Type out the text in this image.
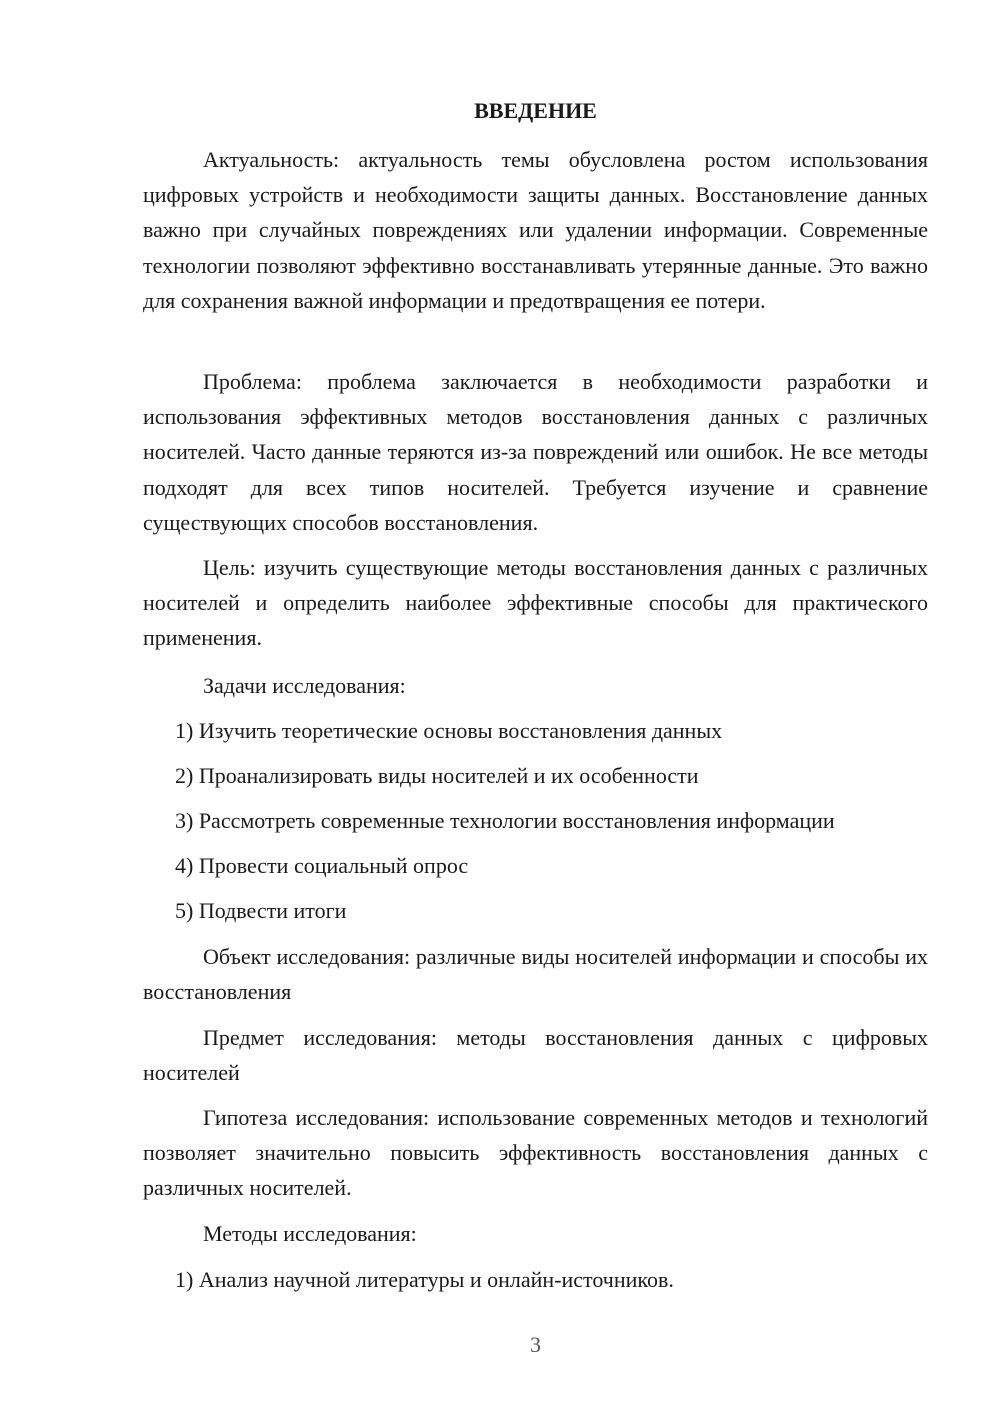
ВВЕДЕНИЕ

Актуальность: актуальность темы обусловлена ростом использования цифровых устройств и необходимости защиты данных. Восстановление данных важно при случайных повреждениях или удалении информации. Современные технологии позволяют эффективно восстанавливать утерянные данные. Это важно для сохранения важной информации и предотвращения ее потери.

Проблема: проблема заключается в необходимости разработки и использования эффективных методов восстановления данных с различных носителей. Часто данные теряются из-за повреждений или ошибок. Не все методы подходят для всех типов носителей. Требуется изучение и сравнение существующих способов восстановления.

Цель: изучить существующие методы восстановления данных с различных носителей и определить наиболее эффективные способы для практического применения.

Задачи исследования:

1) Изучить теоретические основы восстановления данных

2) Проанализировать виды носителей и их особенности

3) Рассмотреть современные технологии восстановления информации

4) Провести социальный опрос

5) Подвести итоги

Объект исследования: различные виды носителей информации и способы их восстановления

Предмет исследования: методы восстановления данных с цифровых носителей

Гипотеза исследования: использование современных методов и технологий позволяет значительно повысить эффективность восстановления данных с различных носителей.

Методы исследования:

1) Анализ научной литературы и онлайн-источников.

3
